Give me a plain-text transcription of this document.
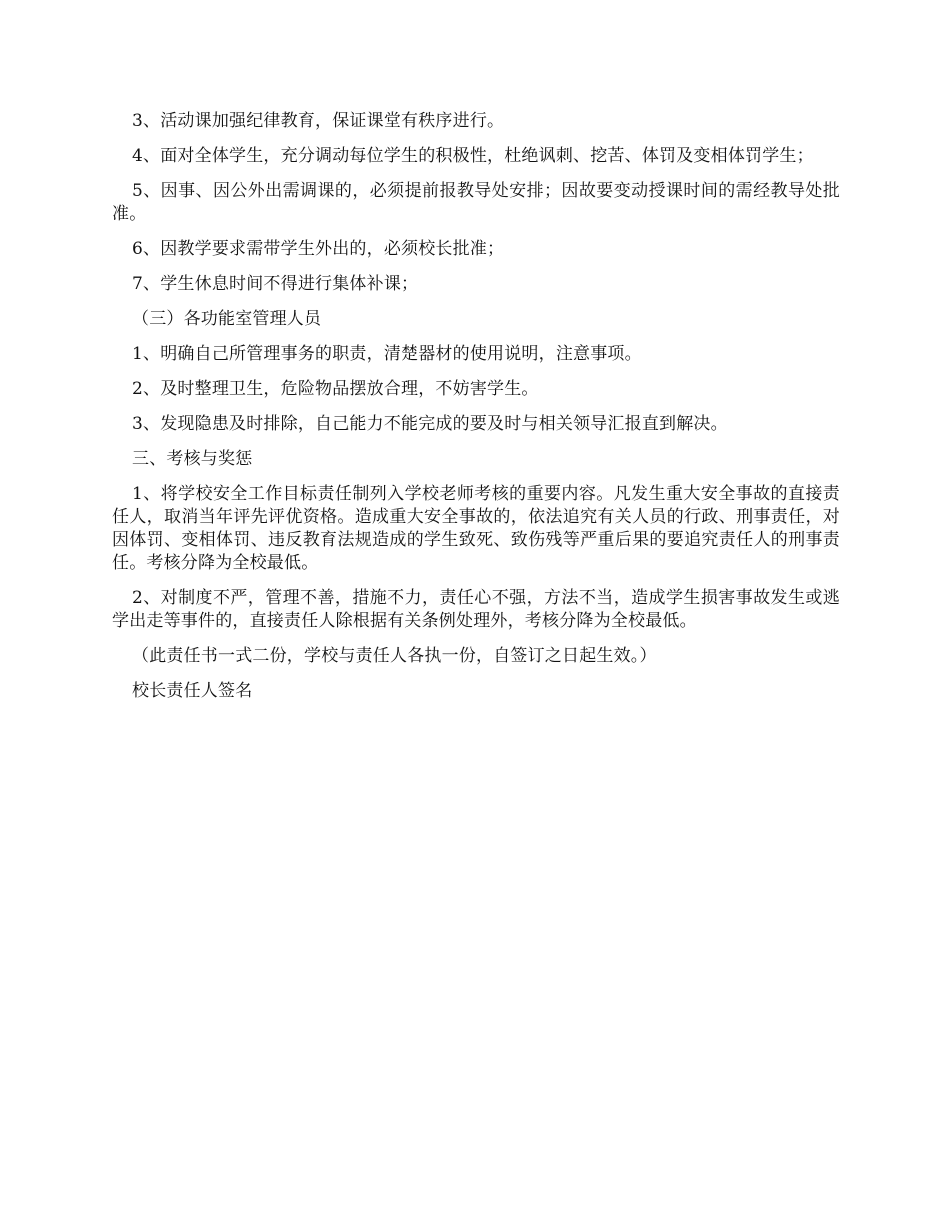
3、活动课加强纪律教育，保证课堂有秩序进行。

4、面对全体学生，充分调动每位学生的积极性，杜绝讽刺、挖苦、体罚及变相体罚学生；

5、因事、因公外出需调课的，必须提前报教导处安排；因故要变动授课时间的需经教导处批准。

6、因教学要求需带学生外出的，必须校长批准；

7、学生休息时间不得进行集体补课；

（三）各功能室管理人员

1、明确自己所管理事务的职责，清楚器材的使用说明，注意事项。

2、及时整理卫生，危险物品摆放合理，不妨害学生。

3、发现隐患及时排除，自己能力不能完成的要及时与相关领导汇报直到解决。

三、考核与奖惩

1、将学校安全工作目标责任制列入学校老师考核的重要内容。凡发生重大安全事故的直接责任人，取消当年评先评优资格。造成重大安全事故的，依法追究有关人员的行政、刑事责任，对因体罚、变相体罚、违反教育法规造成的学生致死、致伤残等严重后果的要追究责任人的刑事责任。考核分降为全校最低。

2、对制度不严，管理不善，措施不力，责任心不强，方法不当，造成学生损害事故发生或逃学出走等事件的，直接责任人除根据有关条例处理外，考核分降为全校最低。

（此责任书一式二份，学校与责任人各执一份，自签订之日起生效。）

校长责任人签名
